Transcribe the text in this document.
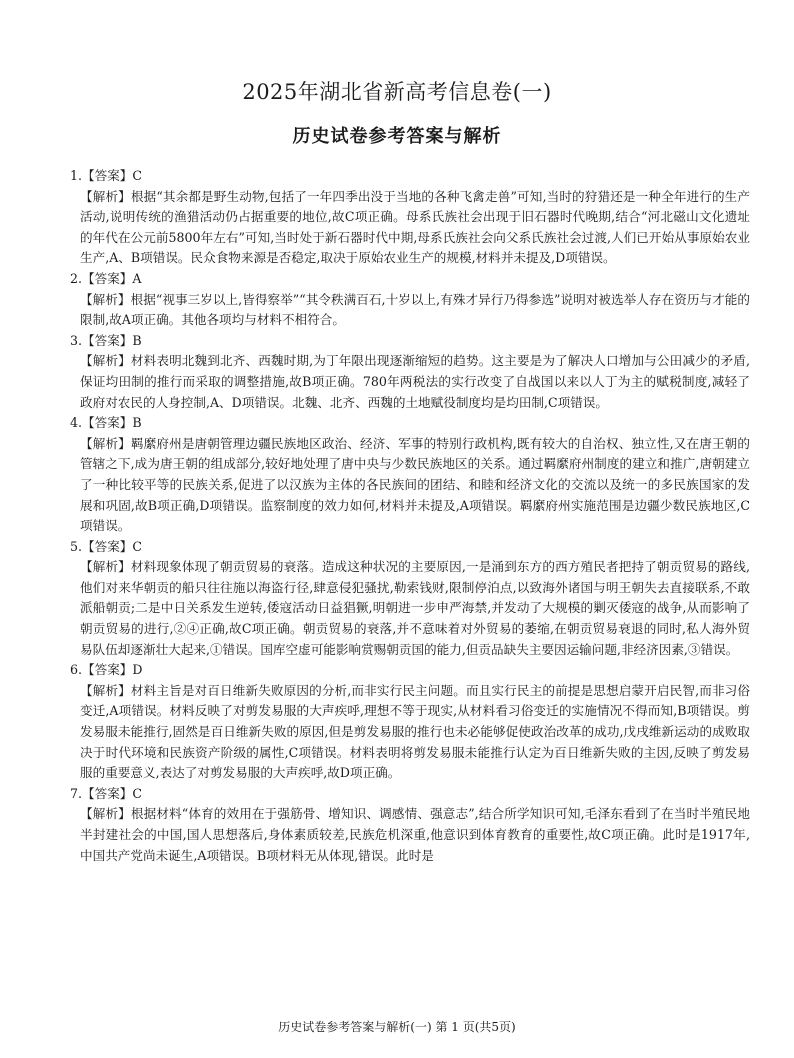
2025年湖北省新高考信息卷(一)
历史试卷参考答案与解析
1.【答案】C
【解析】根据“其余都是野生动物,包括了一年四季出没于当地的各种飞禽走兽”可知,当时的狩猎还是一种全年进行的生产活动,说明传统的渔猎活动仍占据重要的地位,故C项正确。母系氏族社会出现于旧石器时代晚期,结合“河北磁山文化遗址的年代在公元前5800年左右”可知,当时处于新石器时代中期,母系氏族社会向父系氏族社会过渡,人们已开始从事原始农业生产,A、B项错误。民众食物来源是否稳定,取决于原始农业生产的规模,材料并未提及,D项错误。
2.【答案】A
【解析】根据“视事三岁以上,皆得察举”“其令秩满百石,十岁以上,有殊才异行乃得参选”说明对被选举人存在资历与才能的限制,故A项正确。其他各项均与材料不相符合。
3.【答案】B
【解析】材料表明北魏到北齐、西魏时期,为丁年限出现逐渐缩短的趋势。这主要是为了解决人口增加与公田减少的矛盾,保证均田制的推行而采取的调整措施,故B项正确。780年两税法的实行改变了自战国以来以人丁为主的赋税制度,减轻了政府对农民的人身控制,A、D项错误。北魏、北齐、西魏的土地赋役制度均是均田制,C项错误。
4.【答案】B
【解析】羁縻府州是唐朝管理边疆民族地区政治、经济、军事的特别行政机构,既有较大的自治权、独立性,又在唐王朝的管辖之下,成为唐王朝的组成部分,较好地处理了唐中央与少数民族地区的关系。通过羁縻府州制度的建立和推广,唐朝建立了一种比较平等的民族关系,促进了以汉族为主体的各民族间的团结、和睦和经济文化的交流以及统一的多民族国家的发展和巩固,故B项正确,D项错误。监察制度的效力如何,材料并未提及,A项错误。羁縻府州实施范围是边疆少数民族地区,C项错误。
5.【答案】C
【解析】材料现象体现了朝贡贸易的衰落。造成这种状况的主要原因,一是涌到东方的西方殖民者把持了朝贡贸易的路线,他们对来华朝贡的船只往往施以海盗行径,肆意侵犯骚扰,勒索钱财,限制停泊点,以致海外诸国与明王朝失去直接联系,不敢派船朝贡;二是中日关系发生逆转,倭寇活动日益猖獗,明朝进一步申严海禁,并发动了大规模的剿灭倭寇的战争,从而影响了朝贡贸易的进行,②④正确,故C项正确。朝贡贸易的衰落,并不意味着对外贸易的萎缩,在朝贡贸易衰退的同时,私人海外贸易队伍却逐渐壮大起来,①错误。国库空虚可能影响赏赐朝贡国的能力,但贡品缺失主要因运输问题,非经济因素,③错误。
6.【答案】D
【解析】材料主旨是对百日维新失败原因的分析,而非实行民主问题。而且实行民主的前提是思想启蒙开启民智,而非习俗变迁,A项错误。材料反映了对剪发易服的大声疾呼,理想不等于现实,从材料看习俗变迁的实施情况不得而知,B项错误。剪发易服未能推行,固然是百日维新失败的原因,但是剪发易服的推行也未必能够促使政治改革的成功,戊戌维新运动的成败取决于时代环境和民族资产阶级的属性,C项错误。材料表明将剪发易服未能推行认定为百日维新失败的主因,反映了剪发易服的重要意义,表达了对剪发易服的大声疾呼,故D项正确。
7.【答案】C
【解析】根据材料“体育的效用在于强筋骨、增知识、调感情、强意志”,结合所学知识可知,毛泽东看到了在当时半殖民地半封建社会的中国,国人思想落后,身体素质较差,民族危机深重,他意识到体育教育的重要性,故C项正确。此时是1917年,中国共产党尚未诞生,A项错误。B项材料无从体现,错误。此时是
历史试卷参考答案与解析(一) 第 1 页(共5页)
